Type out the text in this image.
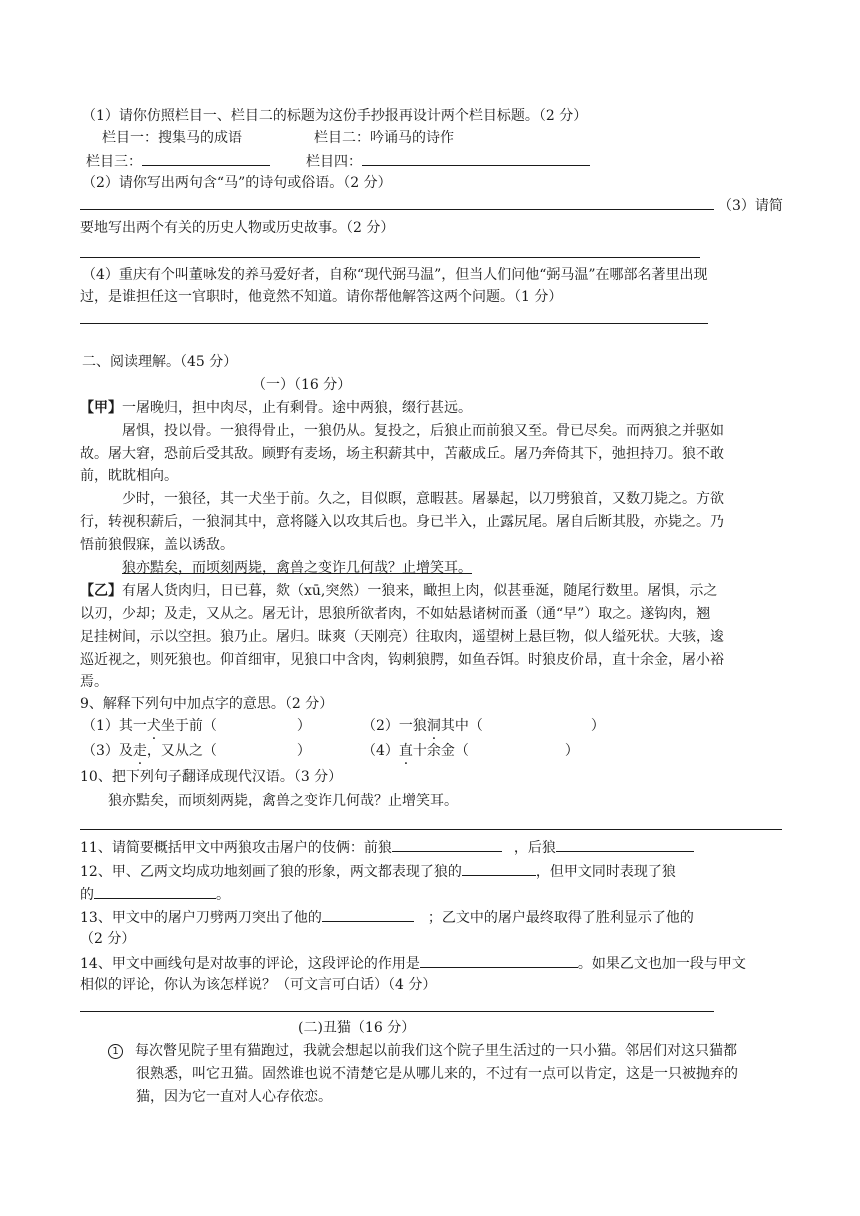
（1）请你仿照栏目一、栏目二的标题为这份手抄报再设计两个栏目标题。（2 分）
栏目一：搜集马的成语	栏目二：吟诵马的诗作
栏目三：	栏目四：
（2）请你写出两句含“马”的诗句或俗语。（2 分）
（3）请简
要地写出两个有关的历史人物或历史故事。（2 分）
（4）重庆有个叫董咏发的养马爱好者，自称“现代弼马温”，但当人们问他“弼马温”在哪部名著里出现
过，是谁担任这一官职时，他竟然不知道。请你帮他解答这两个问题。（1 分）
二、阅读理解。（45 分）
（一）（16 分）
【甲】一屠晚归，担中肉尽，止有剩骨。途中两狼，缀行甚远。
屠惧，投以骨。一狼得骨止，一狼仍从。复投之，后狼止而前狼又至。骨已尽矣。而两狼之并驱如
故。屠大窘，恐前后受其敌。顾野有麦场，场主积薪其中，苫蔽成丘。屠乃奔倚其下，弛担持刀。狼不敢
前，眈眈相向。
少时，一狼径，其一犬坐于前。久之，目似瞑，意暇甚。屠暴起，以刀劈狼首，又数刀毙之。方欲
行，转视积薪后，一狼洞其中，意将隧入以攻其后也。身已半入，止露尻尾。屠自后断其股，亦毙之。乃
悟前狼假寐，盖以诱敌。
狼亦黠矣，而顷刻两毙，禽兽之变诈几何哉？止增笑耳。
【乙】有屠人货肉归，日已暮，欻（xū,突然）一狼来，瞰担上肉，似甚垂涎，随尾行数里。屠惧，示之
以刃，少却；及走，又从之。屠无计，思狼所欲者肉，不如姑悬诸树而蚤（通“早”）取之。遂钩肉，翘
足挂树间，示以空担。狼乃止。屠归。昧爽（天刚亮）往取肉，遥望树上悬巨物，似人缢死状。大骇，逡
巡近视之，则死狼也。仰首细审，见狼口中含肉，钩刺狼腭，如鱼吞饵。时狼皮价昂，直十余金，屠小裕
焉。
9、解释下列句中加点字的意思。（2 分）
（1）其一犬坐于前（	）	（2）一狼洞其中（	）
（3）及走，又从之（	）	（4）直十余金（	）
10、把下列句子翻译成现代汉语。（3 分）
狼亦黠矣，而顷刻两毙，禽兽之变诈几何哉？止增笑耳。
11、请简要概括甲文中两狼攻击屠户的伎俩：前狼	，后狼
12、甲、乙两文均成功地刻画了狼的形象，两文都表现了狼的	，但甲文同时表现了狼
的	。
13、甲文中的屠户刀劈两刀突出了他的	；乙文中的屠户最终取得了胜利显示了他的
（2 分）
14、甲文中画线句是对故事的评论，这段评论的作用是	。如果乙文也加一段与甲文
相似的评论，你认为该怎样说？（可文言可白话）（4 分）
(二)丑猫（16 分）
1 每次瞥见院子里有猫跑过，我就会想起以前我们这个院子里生活过的一只小猫。邻居们对这只猫都
很熟悉，叫它丑猫。固然谁也说不清楚它是从哪儿来的，不过有一点可以肯定，这是一只被抛弃的
猫，因为它一直对人心存依恋。
